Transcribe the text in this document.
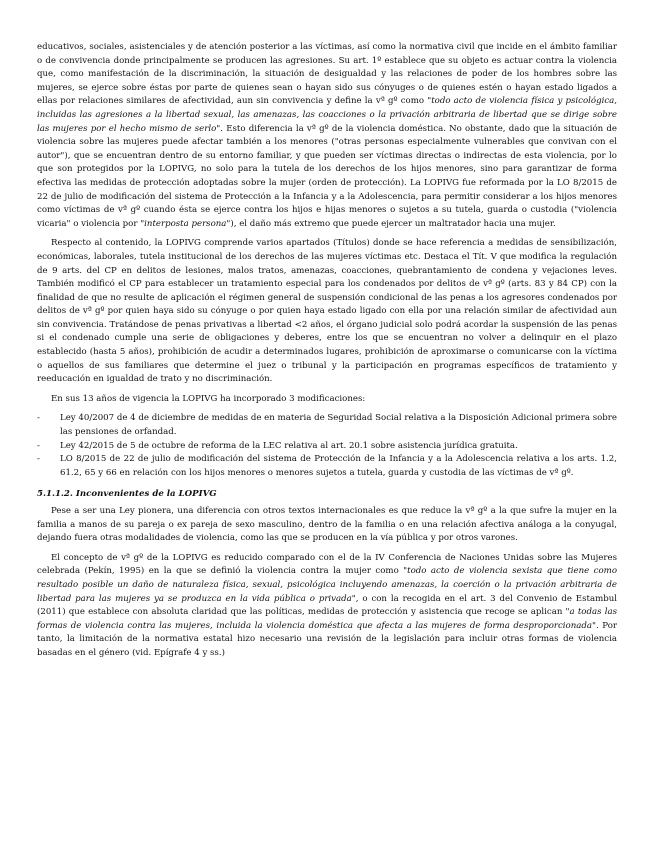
educativos, sociales, asistenciales y de atención posterior a las víctimas, así como la normativa civil que incide en el ámbito familiar o de convivencia donde principalmente se producen las agresiones. Su art. 1º establece que su objeto es actuar contra la violencia que, como manifestación de la discriminación, la situación de desigualdad y las relaciones de poder de los hombres sobre las mujeres, se ejerce sobre éstas por parte de quienes sean o hayan sido sus cónyuges o de quienes estén o hayan estado ligados a ellas por relaciones similares de afectividad, aun sin convivencia y define la vª gº como "todo acto de violencia física y psicológica, incluidas las agresiones a la libertad sexual, las amenazas, las coacciones o la privación arbitraria de libertad que se dirige sobre las mujeres por el hecho mismo de serlo". Esto diferencia la vª gº de la violencia doméstica. No obstante, dado que la situación de violencia sobre las mujeres puede afectar también a los menores ("otras personas especialmente vulnerables que convivan con el autor"), que se encuentran dentro de su entorno familiar, y que pueden ser víctimas directas o indirectas de esta violencia, por lo que son protegidos por la LOPIVG, no solo para la tutela de los derechos de los hijos menores, sino para garantizar de forma efectiva las medidas de protección adoptadas sobre la mujer (orden de protección). La LOPIVG fue reformada por la LO 8/2015 de 22 de julio de modificación del sistema de Protección a la Infancia y a la Adolescencia, para permitir considerar a los hijos menores como víctimas de vª gº cuando ésta se ejerce contra los hijos e hijas menores o sujetos a su tutela, guarda o custodia ("violencia vicaria" o violencia por "interposta persona"), el daño más extremo que puede ejercer un maltratador hacia una mujer.

Respecto al contenido, la LOPIVG comprende varios apartados (Títulos) donde se hace referencia a medidas de sensibilización, económicas, laborales, tutela institucional de los derechos de las mujeres víctimas etc. Destaca el Tít. V que modifica la regulación de 9 arts. del CP en delitos de lesiones, malos tratos, amenazas, coacciones, quebrantamiento de condena y vejaciones leves. También modificó el CP para establecer un tratamiento especial para los condenados por delitos de vª gº (arts. 83 y 84 CP) con la finalidad de que no resulte de aplicación el régimen general de suspensión condicional de las penas a los agresores condenados por delitos de vª gº por quien haya sido su cónyuge o por quien haya estado ligado con ella por una relación similar de afectividad aun sin convivencia. Tratándose de penas privativas a libertad <2 años, el órgano judicial solo podrá acordar la suspensión de las penas si el condenado cumple una serie de obligaciones y deberes, entre los que se encuentran no volver a delinquir en el plazo establecido (hasta 5 años), prohibición de acudir a determinados lugares, prohibición de aproximarse o comunicarse con la víctima o aquellos de sus familiares que determine el juez o tribunal y la participación en programas específicos de tratamiento y reeducación en igualdad de trato y no discriminación.

En sus 13 años de vigencia la LOPIVG ha incorporado 3 modificaciones:

- Ley 40/2007 de 4 de diciembre de medidas de en materia de Seguridad Social relativa a la Disposición Adicional primera sobre las pensiones de orfandad.
- Ley 42/2015 de 5 de octubre de reforma de la LEC relativa al art. 20.1 sobre asistencia jurídica gratuita.
- LO 8/2015 de 22 de julio de modificación del sistema de Protección de la Infancia y a la Adolescencia relativa a los arts. 1.2, 61.2, 65 y 66 en relación con los hijos menores o menores sujetos a tutela, guarda y custodia de las víctimas de vª gº.

5.1.1.2. Inconvenientes de la LOPIVG

Pese a ser una Ley pionera, una diferencia con otros textos internacionales es que reduce la vª gº a la que sufre la mujer en la familia a manos de su pareja o ex pareja de sexo masculino, dentro de la familia o en una relación afectiva análoga a la conyugal, dejando fuera otras modalidades de violencia, como las que se producen en la vía pública y por otros varones.

El concepto de vª gº de la LOPIVG es reducido comparado con el de la IV Conferencia de Naciones Unidas sobre las Mujeres celebrada (Pekín, 1995) en la que se definió la violencia contra la mujer como "todo acto de violencia sexista que tiene como resultado posible un daño de naturaleza física, sexual, psicológica incluyendo amenazas, la coerción o la privación arbitraria de libertad para las mujeres ya se produzca en la vida pública o privada", o con la recogida en el art. 3 del Convenio de Estambul (2011) que establece con absoluta claridad que las políticas, medidas de protección y asistencia que recoge se aplican "a todas las formas de violencia contra las mujeres, incluida la violencia doméstica que afecta a las mujeres de forma desproporcionada". Por tanto, la limitación de la normativa estatal hizo necesario una revisión de la legislación para incluir otras formas de violencia basadas en el género (vid. Epígrafe 4 y ss.)
